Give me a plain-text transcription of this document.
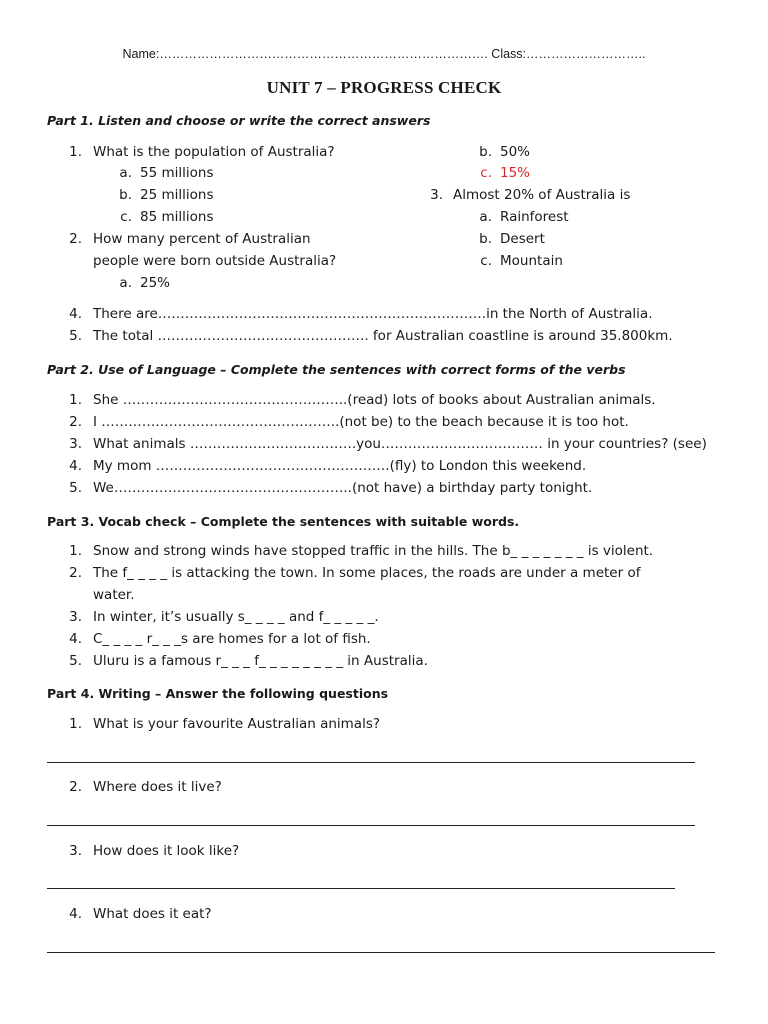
Name:……………………………………………………………………. Class:………………………..
UNIT 7 – PROGRESS CHECK
Part 1. Listen and choose or write the correct answers
1. What is the population of Australia?
a. 55 millions
b. 25 millions
c. 85 millions
2. How many percent of Australian
people were born outside Australia?
a. 25%
b. 50%
c. 15%
3. Almost 20% of Australia is
a. Rainforest
b. Desert
c. Mountain
4. There are……………………………………………………………….in the North of Australia.
5. The total ……………………………………….. for Australian coastline is around 35.800km.
Part 2. Use of Language – Complete the sentences with correct forms of the verbs
1. She …………………………………………..(read) lots of books about Australian animals.
2. I ……………………………………………..(not be) to the beach because it is too hot.
3. What animals ……………………………….you……………………………… in your countries? (see)
4. My mom …………………………………………….(fly) to London this weekend.
5. We……………………………………………..(not have) a birthday party tonight.
Part 3. Vocab check – Complete the sentences with suitable words.
1. Snow and strong winds have stopped traffic in the hills. The b_ _ _ _ _ _ _ is violent.
2. The f_ _ _ _ is attacking the town. In some places, the roads are under a meter of
water.
3. In winter, it’s usually s_ _ _ _ and f_ _ _ _ _.
4. C_ _ _ _ r_ _ _s are homes for a lot of fish.
5. Uluru is a famous r_ _ _ f_ _ _ _ _ _ _ _ in Australia.
Part 4. Writing – Answer the following questions
1. What is your favourite Australian animals?
2. Where does it live?
3. How does it look like?
4. What does it eat?
